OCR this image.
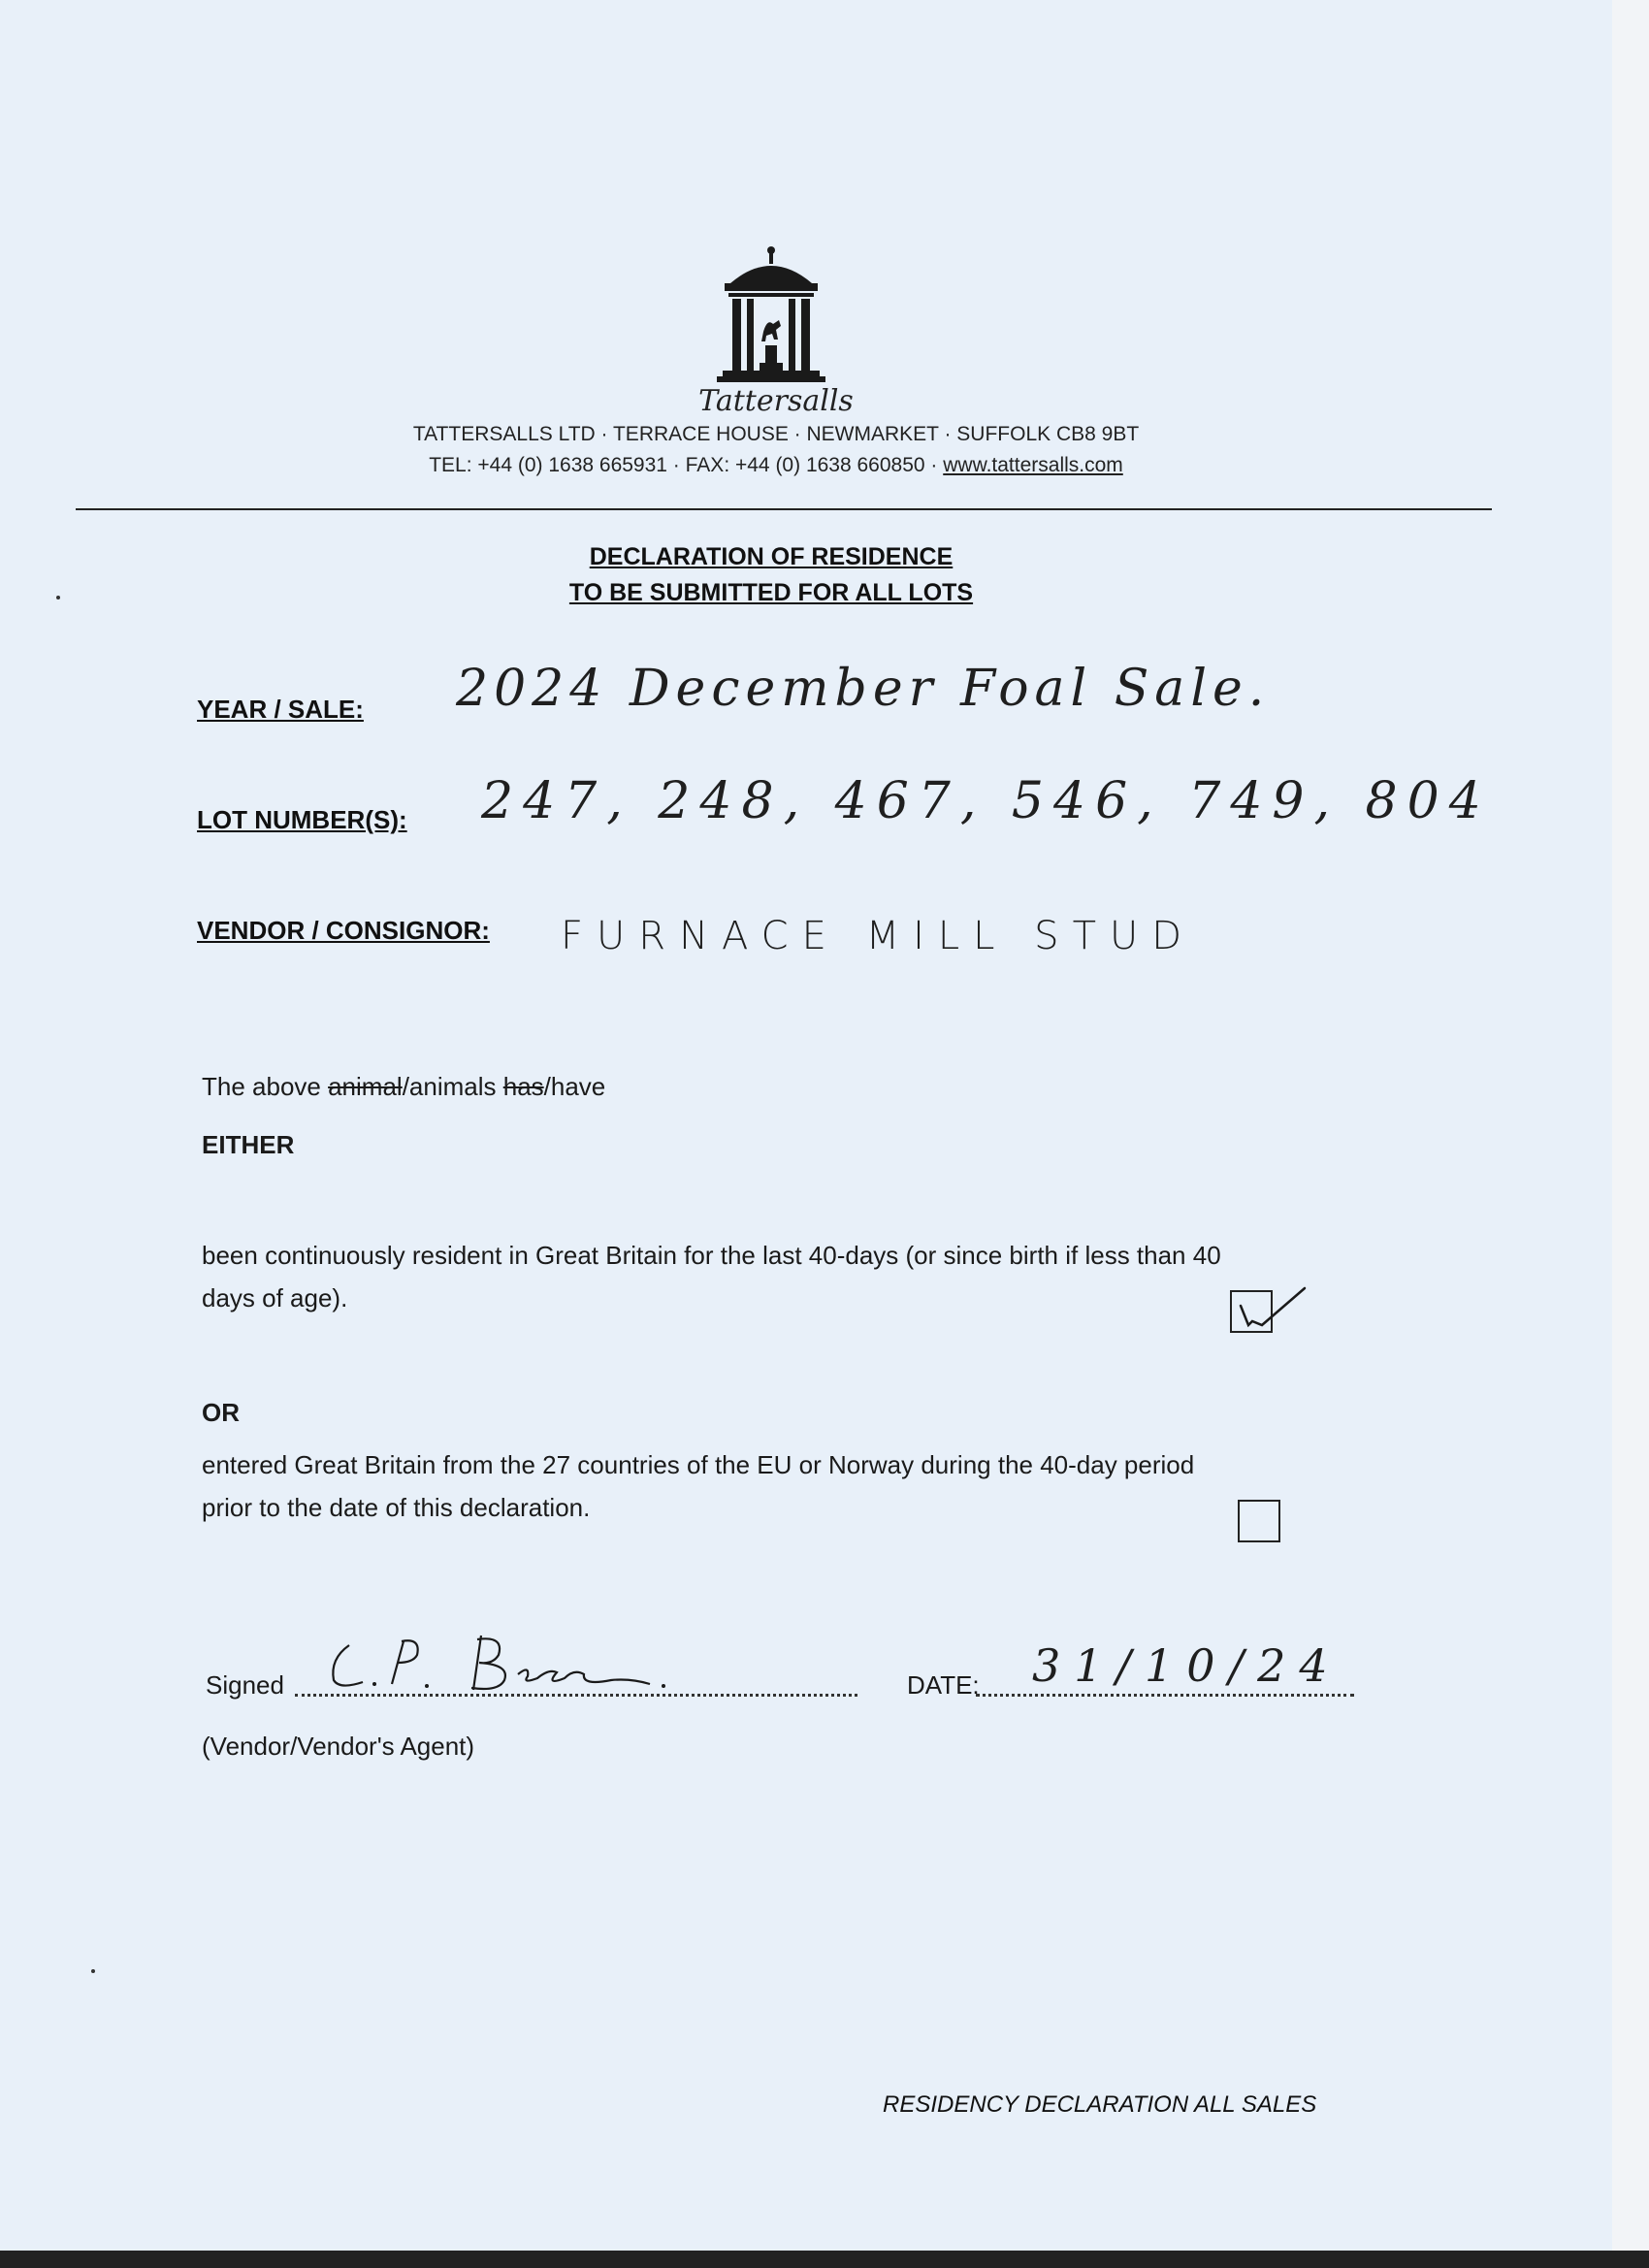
Tattersalls
TATTERSALLS LTD · TERRACE HOUSE · NEWMARKET · SUFFOLK CB8 9BT
TEL: +44 (0) 1638 665931 · FAX: +44 (0) 1638 660850 · www.tattersalls.com
DECLARATION OF RESIDENCE
TO BE SUBMITTED FOR ALL LOTS
YEAR / SALE: 2024 December Foal Sale.
LOT NUMBER(S): 247, 248, 467, 546, 749, 804
VENDOR / CONSIGNOR: FURNACE MILL STUD
The above animal/animals has/have
EITHER
been continuously resident in Great Britain for the last 40-days (or since birth if less than 40
days of age).
OR
entered Great Britain from the 27 countries of the EU or Norway during the 40-day period
prior to the date of this declaration.
Signed	DATE: 31/10/24
(Vendor/Vendor's Agent)
RESIDENCY DECLARATION ALL SALES
